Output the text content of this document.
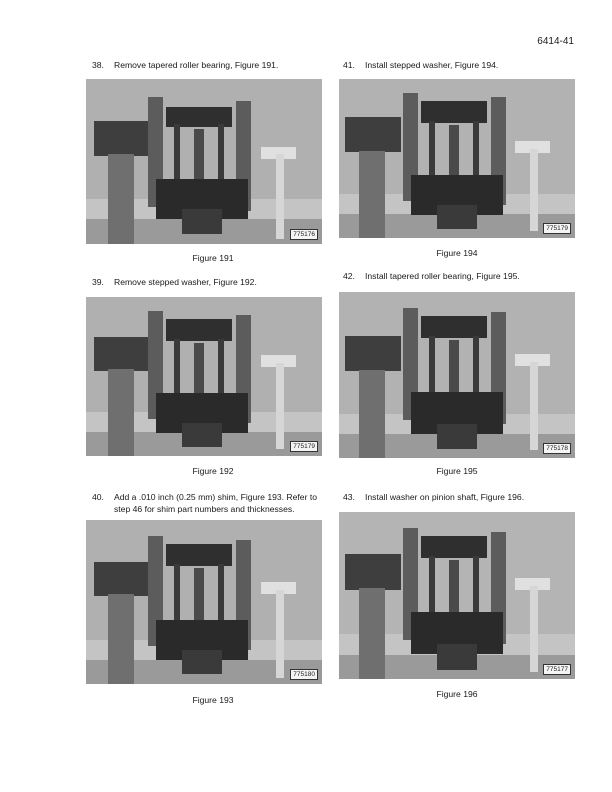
6414-41
38. Remove tapered roller bearing, Figure 191.	41. Install stepped washer, Figure 194.
39. Remove stepped washer, Figure 192.
42. Install tapered roller bearing, Figure 195.
40. Add a .010 inch (0.25 mm) shim, Figure 193. Refer to step 46 for shim part numbers and thicknesses.
43. Install washer on pinion shaft, Figure 196.
775176
775179
775179	775178
775180
775177
Figure 191	Figure 194
Figure 192	Figure 195
Figure 193
Figure 196
